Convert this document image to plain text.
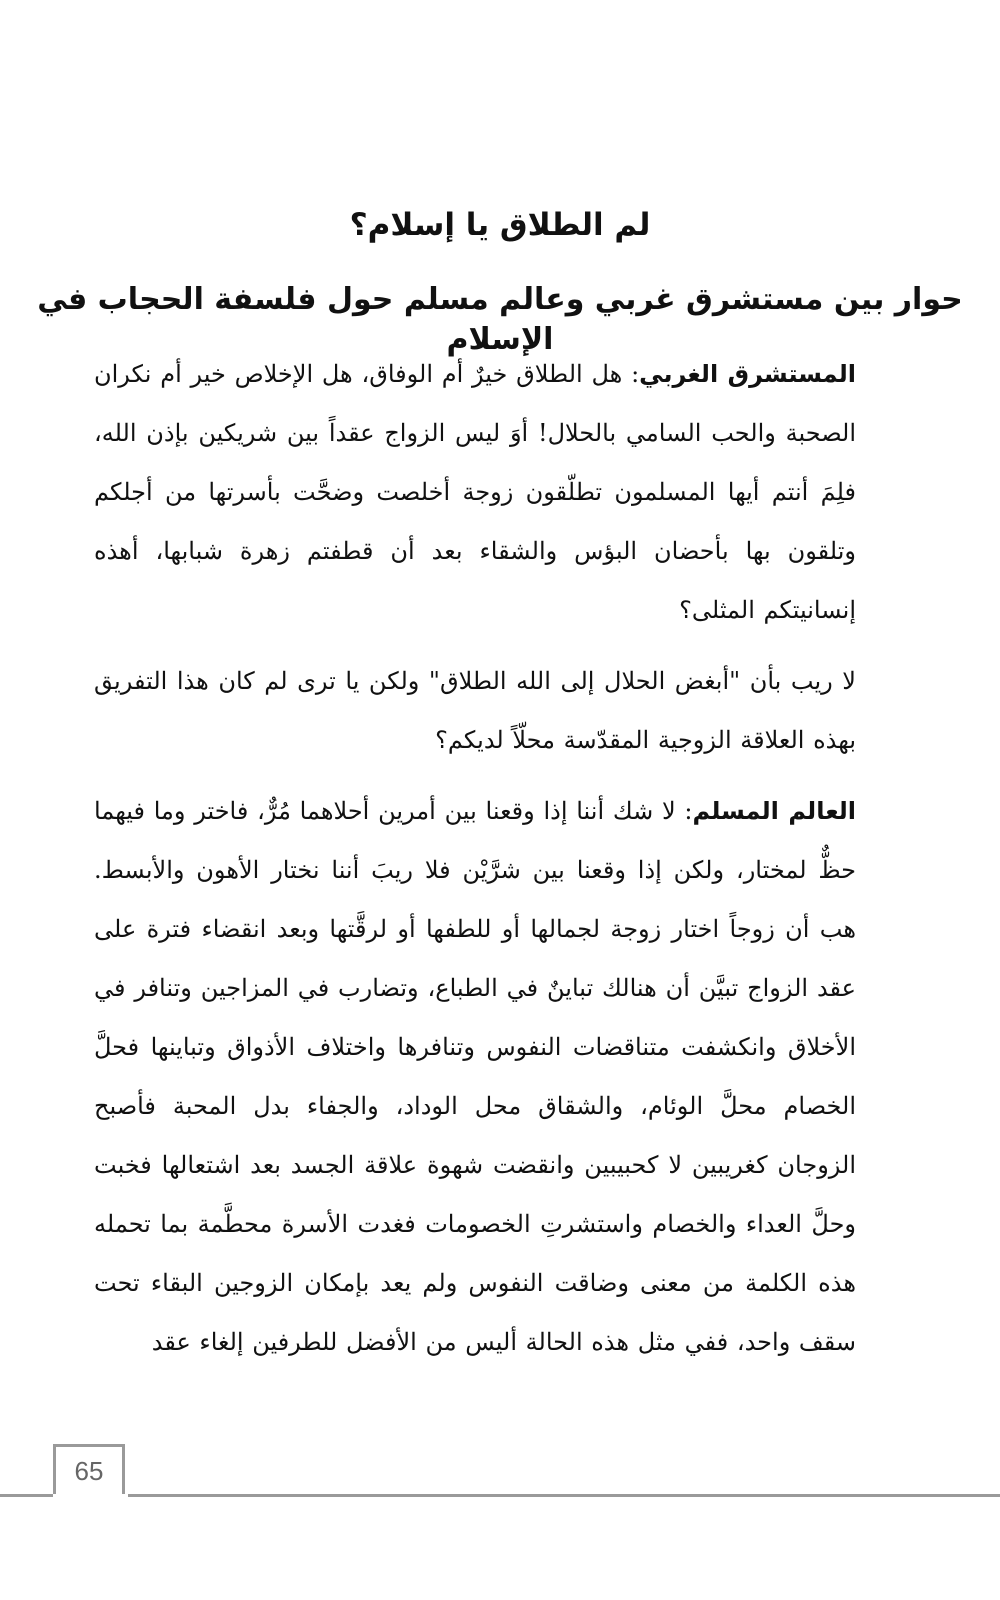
لم الطلاق يا إسلام؟
حوار بين مستشرق غربي وعالم مسلم حول فلسفة الحجاب في الإسلام

المستشرق الغربي: هل الطلاق خيرٌ أم الوفاق، هل الإخلاص خير أم نكران الصحبة والحب السامي بالحلال! أوَ ليس الزواج عقداً بين شريكين بإذن الله، فلِمَ أنتم أيها المسلمون تطلّقون زوجة أخلصت وضحَّت بأسرتها من أجلكم وتلقون بها بأحضان البؤس والشقاء بعد أن قطفتم زهرة شبابها، أهذه إنسانيتكم المثلى؟

لا ريب بأن "أبغض الحلال إلى الله الطلاق" ولكن يا ترى لم كان هذا التفريق بهذه العلاقة الزوجية المقدّسة محلّاً لديكم؟

العالم المسلم: لا شك أننا إذا وقعنا بين أمرين أحلاهما مُرٌّ، فاختر وما فيهما حظٌّ لمختار، ولكن إذا وقعنا بين شرَّيْن فلا ريبَ أننا نختار الأهون والأبسط. هب أن زوجاً اختار زوجة لجمالها أو للطفها أو لرقَّتها وبعد انقضاء فترة على عقد الزواج تبيَّن أن هنالك تباينٌ في الطباع، وتضارب في المزاجين وتنافر في الأخلاق وانكشفت متناقضات النفوس وتنافرها واختلاف الأذواق وتباينها فحلَّ الخصام محلَّ الوئام، والشقاق محل الوداد، والجفاء بدل المحبة فأصبح الزوجان كغريبين لا كحبيبين وانقضت شهوة علاقة الجسد بعد اشتعالها فخبت وحلَّ العداء والخصام واستشرتِ الخصومات فغدت الأسرة محطَّمة بما تحمله هذه الكلمة من معنى وضاقت النفوس ولم يعد بإمكان الزوجين البقاء تحت سقف واحد، ففي مثل هذه الحالة أليس من الأفضل للطرفين إلغاء عقد

65
